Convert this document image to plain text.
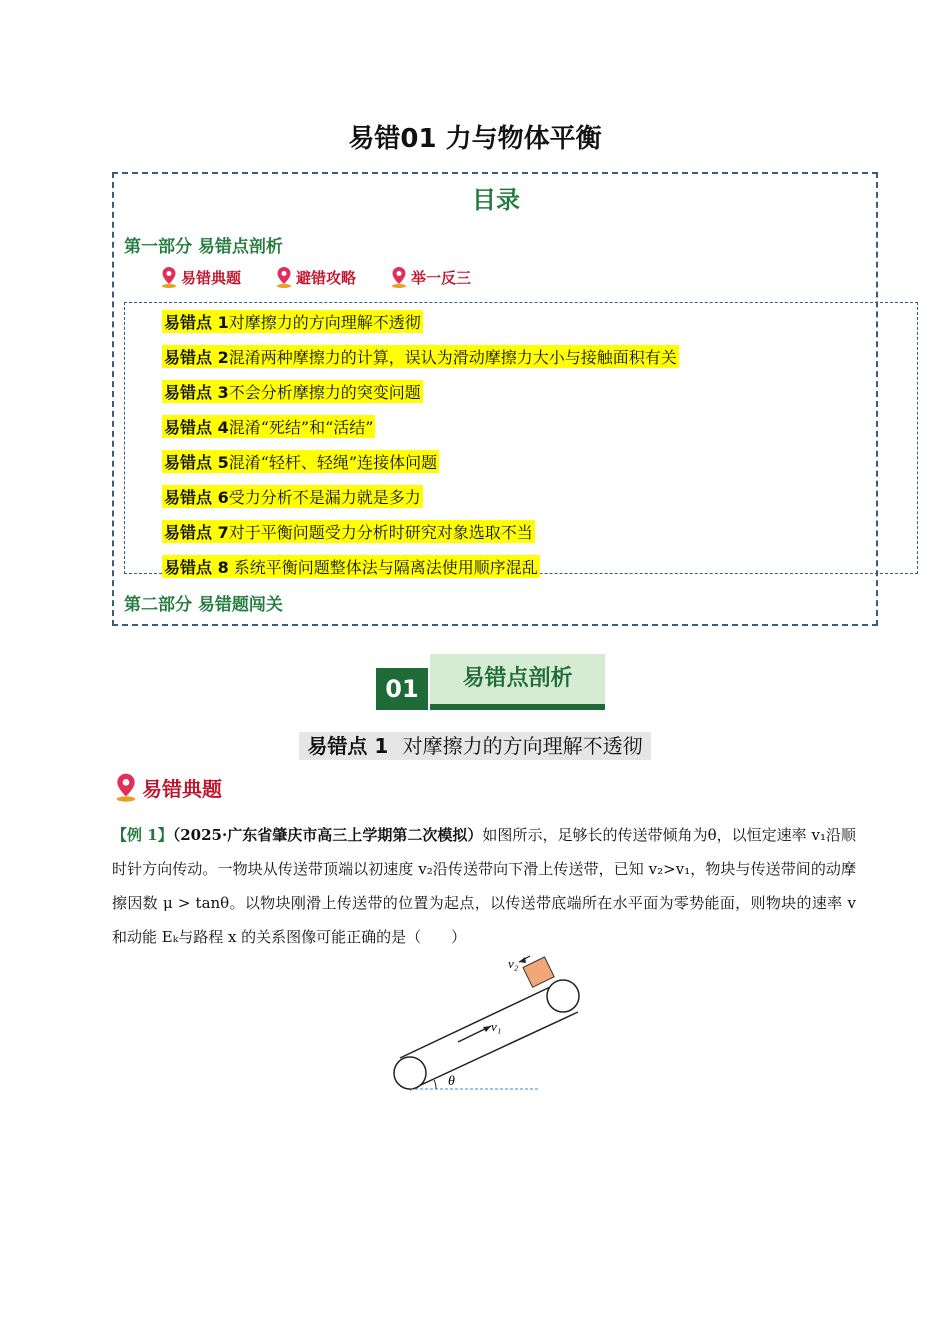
易错01 力与物体平衡
目录
第一部分 易错点剖析
易错典题	避错攻略	举一反三
易错点 1对摩擦力的方向理解不透彻
易错点 2混淆两种摩擦力的计算，误认为滑动摩擦力大小与接触面积有关
易错点 3不会分析摩擦力的突变问题
易错点 4混淆“死结”和“活结”
易错点 5混淆“轻杆、轻绳”连接体问题
易错点 6受力分析不是漏力就是多力
易错点 7对于平衡问题受力分析时研究对象选取不当
易错点 8 系统平衡问题整体法与隔离法使用顺序混乱
第二部分 易错题闯关
01	易错点剖析
易错点 1 对摩擦力的方向理解不透彻
易错典题
【例 1】（2025·广东省肇庆市高三上学期第二次模拟）如图所示，足够长的传送带倾角为θ，以恒定速率 v₁沿顺时针方向传动。一物块从传送带顶端以初速度 v₂沿传送带向下滑上传送带，已知 v₂>v₁，物块与传送带间的动摩擦因数 μ > tanθ。以物块刚滑上传送带的位置为起点，以传送带底端所在水平面为零势能面，则物块的速率 v 和动能 Eₖ与路程 x 的关系图像可能正确的是（　　）
v₂
v₁
θ
